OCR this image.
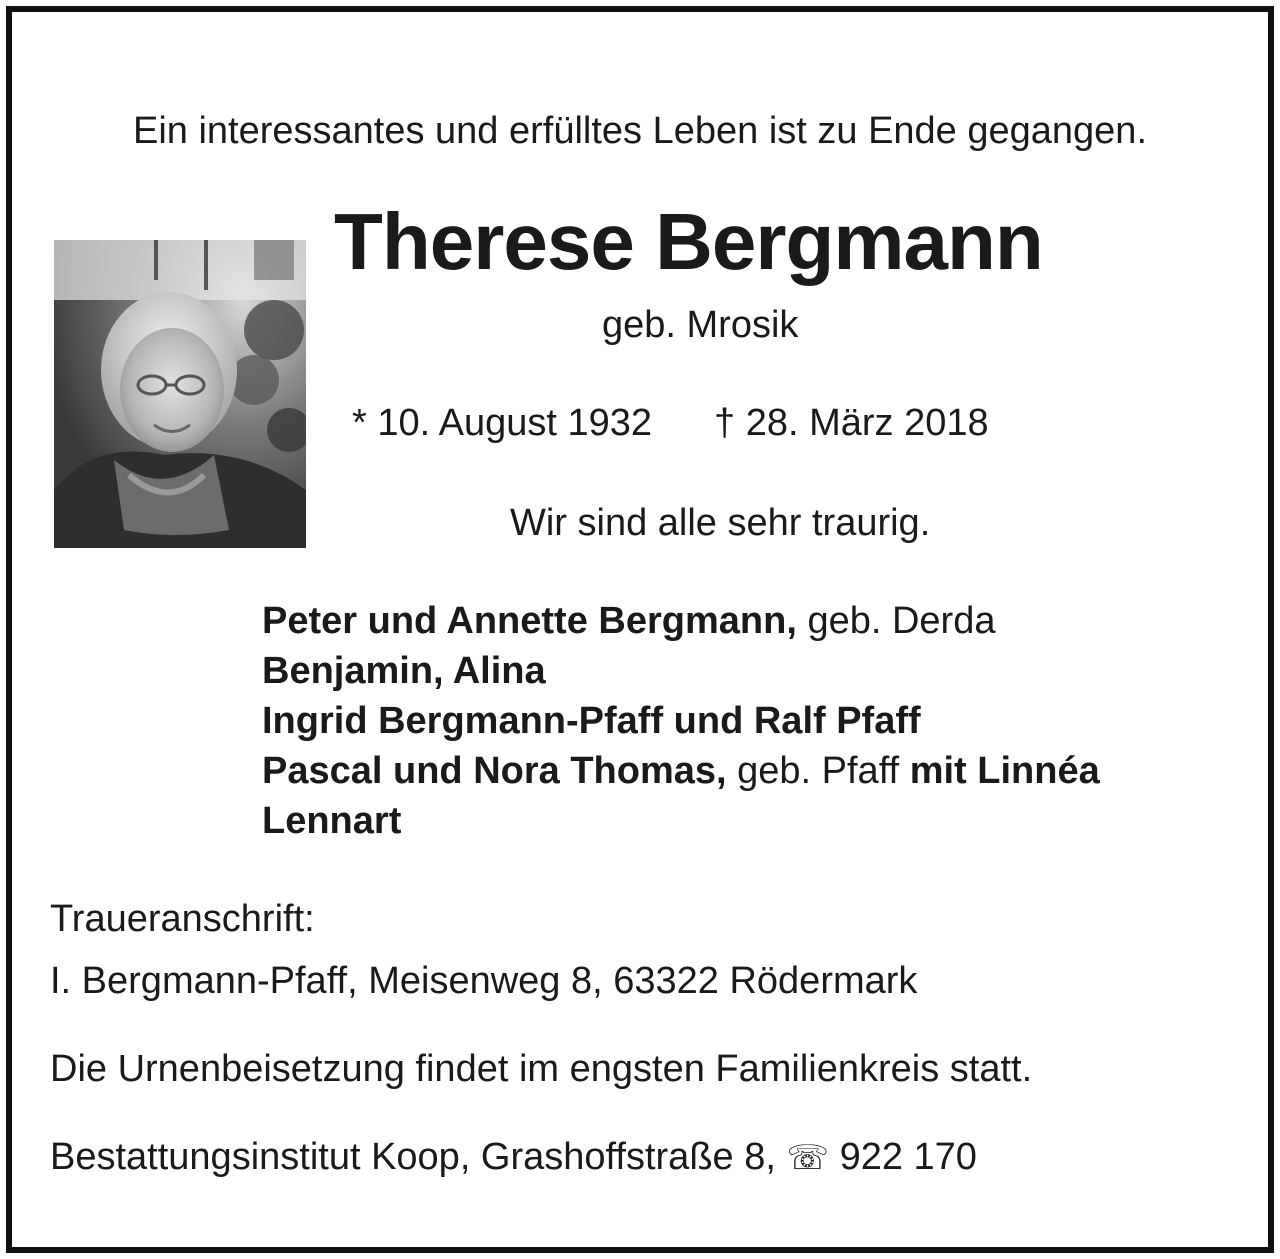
Ein interessantes und erfülltes Leben ist zu Ende gegangen.
Therese Bergmann
geb. Mrosik
* 10. August 1932 † 28. März 2018
Wir sind alle sehr traurig.
Peter und Annette Bergmann, geb. Derda
Benjamin, Alina
Ingrid Bergmann-Pfaff und Ralf Pfaff
Pascal und Nora Thomas, geb. Pfaff mit Linnéa
Lennart
Traueranschrift:
I. Bergmann-Pfaff, Meisenweg 8, 63322 Rödermark
Die Urnenbeisetzung findet im engsten Familienkreis statt.
Bestattungsinstitut Koop, Grashoffstraße 8, ☏ 922 170
